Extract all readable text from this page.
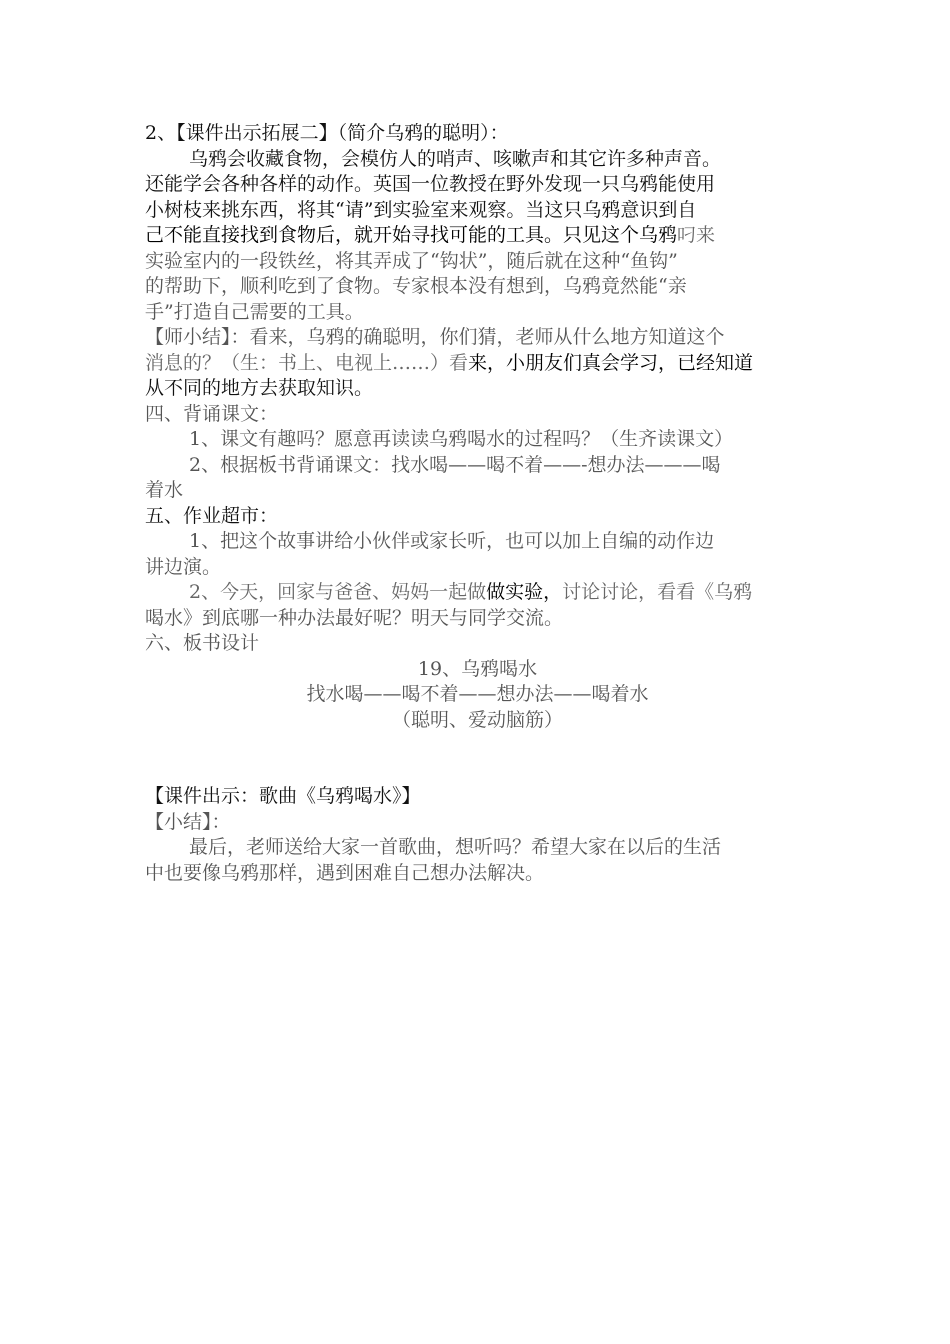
2、【课件出示拓展二】（简介乌鸦的聪明）：
乌鸦会收藏食物，会模仿人的哨声、咳嗽声和其它许多种声音。
还能学会各种各样的动作。英国一位教授在野外发现一只乌鸦能使用
小树枝来挑东西，将其“请”到实验室来观察。当这只乌鸦意识到自
己不能直接找到食物后，就开始寻找可能的工具。只见这个乌鸦叼来
实验室内的一段铁丝，将其弄成了“钩状”，随后就在这种“鱼钩”
的帮助下，顺利吃到了食物。专家根本没有想到，乌鸦竟然能“亲
手”打造自己需要的工具。
【师小结】：看来，乌鸦的确聪明，你们猜，老师从什么地方知道这个
消息的？（生：书上、电视上……）看来，小朋友们真会学习，已经知道
从不同的地方去获取知识。
四、背诵课文：
1、课文有趣吗？愿意再读读乌鸦喝水的过程吗？（生齐读课文）
2、根据板书背诵课文：找水喝——喝不着——-想办法———喝
着水
五、作业超市：
1、把这个故事讲给小伙伴或家长听，也可以加上自编的动作边
讲边演。
2、今天，回家与爸爸、妈妈一起做做实验，讨论讨论，看看《乌鸦
喝水》到底哪一种办法最好呢？明天与同学交流。
六、板书设计
19、乌鸦喝水
找水喝——喝不着——想办法——喝着水
（聪明、爱动脑筋）
【课件出示：歌曲《乌鸦喝水》】
【小结】：
最后，老师送给大家一首歌曲，想听吗？希望大家在以后的生活
中也要像乌鸦那样，遇到困难自己想办法解决。
